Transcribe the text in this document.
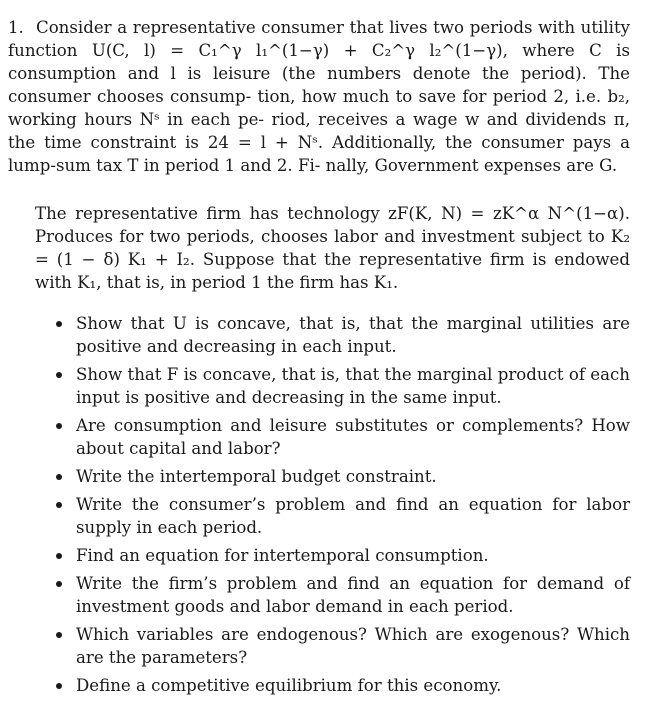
1. Consider a representative consumer that lives two periods with utility function U(C, l) = C₁^γ l₁^(1−γ) + C₂^γ l₂^(1−γ), where C is consumption and l is leisure (the numbers denote the period). The consumer chooses consump- tion, how much to save for period 2, i.e. b₂, working hours Nˢ in each pe- riod, receives a wage w and dividends π, the time constraint is 24 = l + Nˢ. Additionally, the consumer pays a lump-sum tax T in period 1 and 2. Fi- nally, Government expenses are G.
The representative firm has technology zF(K, N) = zK^α N^(1−α). Produces for two periods, chooses labor and investment subject to K₂ = (1 − δ) K₁ + I₂. Suppose that the representative firm is endowed with K₁, that is, in period 1 the firm has K₁.
Show that U is concave, that is, that the marginal utilities are positive and decreasing in each input.
Show that F is concave, that is, that the marginal product of each input is positive and decreasing in the same input.
Are consumption and leisure substitutes or complements? How about capital and labor?
Write the intertemporal budget constraint.
Write the consumer’s problem and find an equation for labor supply in each period.
Find an equation for intertemporal consumption.
Write the firm’s problem and find an equation for demand of investment goods and labor demand in each period.
Which variables are endogenous? Which are exogenous? Which are the parameters?
Define a competitive equilibrium for this economy.
